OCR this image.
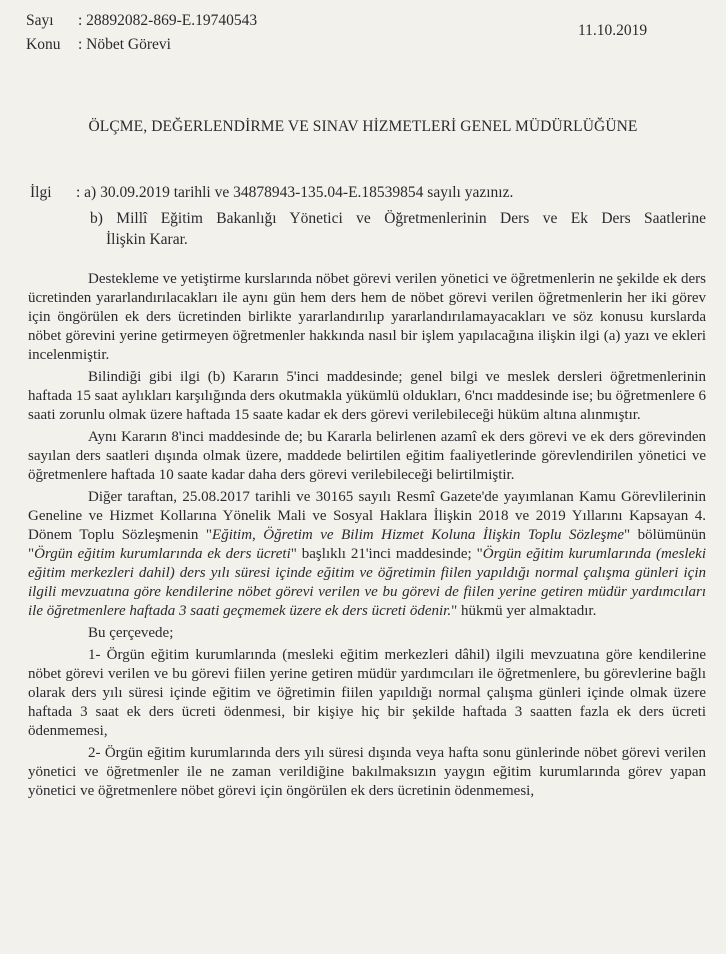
Sayı : 28892082-869-E.19740543
Konu : Nöbet Görevi
11.10.2019
ÖLÇME, DEĞERLENDİRME VE SINAV HİZMETLERİ GENEL MÜDÜRLÜĞÜNE
İlgi : a) 30.09.2019 tarihli ve 34878943-135.04-E.18539854 sayılı yazınız.
b) Millî Eğitim Bakanlığı Yönetici ve Öğretmenlerinin Ders ve Ek Ders Saatlerine
İlişkin Karar.

Destekleme ve yetiştirme kurslarında nöbet görevi verilen yönetici ve öğretmenlerin ne şekilde ek ders ücretinden yararlandırılacakları ile aynı gün hem ders hem de nöbet görevi verilen öğretmenlerin her iki görev için öngörülen ek ders ücretinden birlikte yararlandırılıp yararlandırılamayacakları ve söz konusu kurslarda nöbet görevini yerine getirmeyen öğretmenler hakkında nasıl bir işlem yapılacağına ilişkin ilgi (a) yazı ve ekleri incelenmiştir.

Bilindiği gibi ilgi (b) Kararın 5'inci maddesinde; genel bilgi ve meslek dersleri öğretmenlerinin haftada 15 saat aylıkları karşılığında ders okutmakla yükümlü oldukları, 6'ncı maddesinde ise; bu öğretmenlere 6 saati zorunlu olmak üzere haftada 15 saate kadar ek ders görevi verilebileceği hüküm altına alınmıştır.

Aynı Kararın 8'inci maddesinde de; bu Kararla belirlenen azamî ek ders görevi ve ek ders görevinden sayılan ders saatleri dışında olmak üzere, maddede belirtilen eğitim faaliyetlerinde görevlendirilen yönetici ve öğretmenlere haftada 10 saate kadar daha ders görevi verilebileceği belirtilmiştir.

Diğer taraftan, 25.08.2017 tarihli ve 30165 sayılı Resmî Gazete'de yayımlanan Kamu Görevlilerinin Geneline ve Hizmet Kollarına Yönelik Mali ve Sosyal Haklara İlişkin 2018 ve 2019 Yıllarını Kapsayan 4. Dönem Toplu Sözleşmenin "Eğitim, Öğretim ve Bilim Hizmet Koluna İlişkin Toplu Sözleşme" bölümünün "Örgün eğitim kurumlarında ek ders ücreti" başlıklı 21'inci maddesinde; "Örgün eğitim kurumlarında (mesleki eğitim merkezleri dahil) ders yılı süresi içinde eğitim ve öğretimin fiilen yapıldığı normal çalışma günleri için ilgili mevzuatına göre kendilerine nöbet görevi verilen ve bu görevi de fiilen yerine getiren müdür yardımcıları ile öğretmenlere haftada 3 saati geçmemek üzere ek ders ücreti ödenir." hükmü yer almaktadır.

Bu çerçevede;

1- Örgün eğitim kurumlarında (mesleki eğitim merkezleri dâhil) ilgili mevzuatına göre kendilerine nöbet görevi verilen ve bu görevi fiilen yerine getiren müdür yardımcıları ile öğretmenlere, bu görevlerine bağlı olarak ders yılı süresi içinde eğitim ve öğretimin fiilen yapıldığı normal çalışma günleri içinde olmak üzere haftada 3 saat ek ders ücreti ödenmesi, bir kişiye hiç bir şekilde haftada 3 saatten fazla ek ders ücreti ödenmemesi,

2- Örgün eğitim kurumlarında ders yılı süresi dışında veya hafta sonu günlerinde nöbet görevi verilen yönetici ve öğretmenler ile ne zaman verildiğine bakılmaksızın yaygın eğitim kurumlarında görev yapan yönetici ve öğretmenlere nöbet görevi için öngörülen ek ders ücretinin ödenmemesi,
